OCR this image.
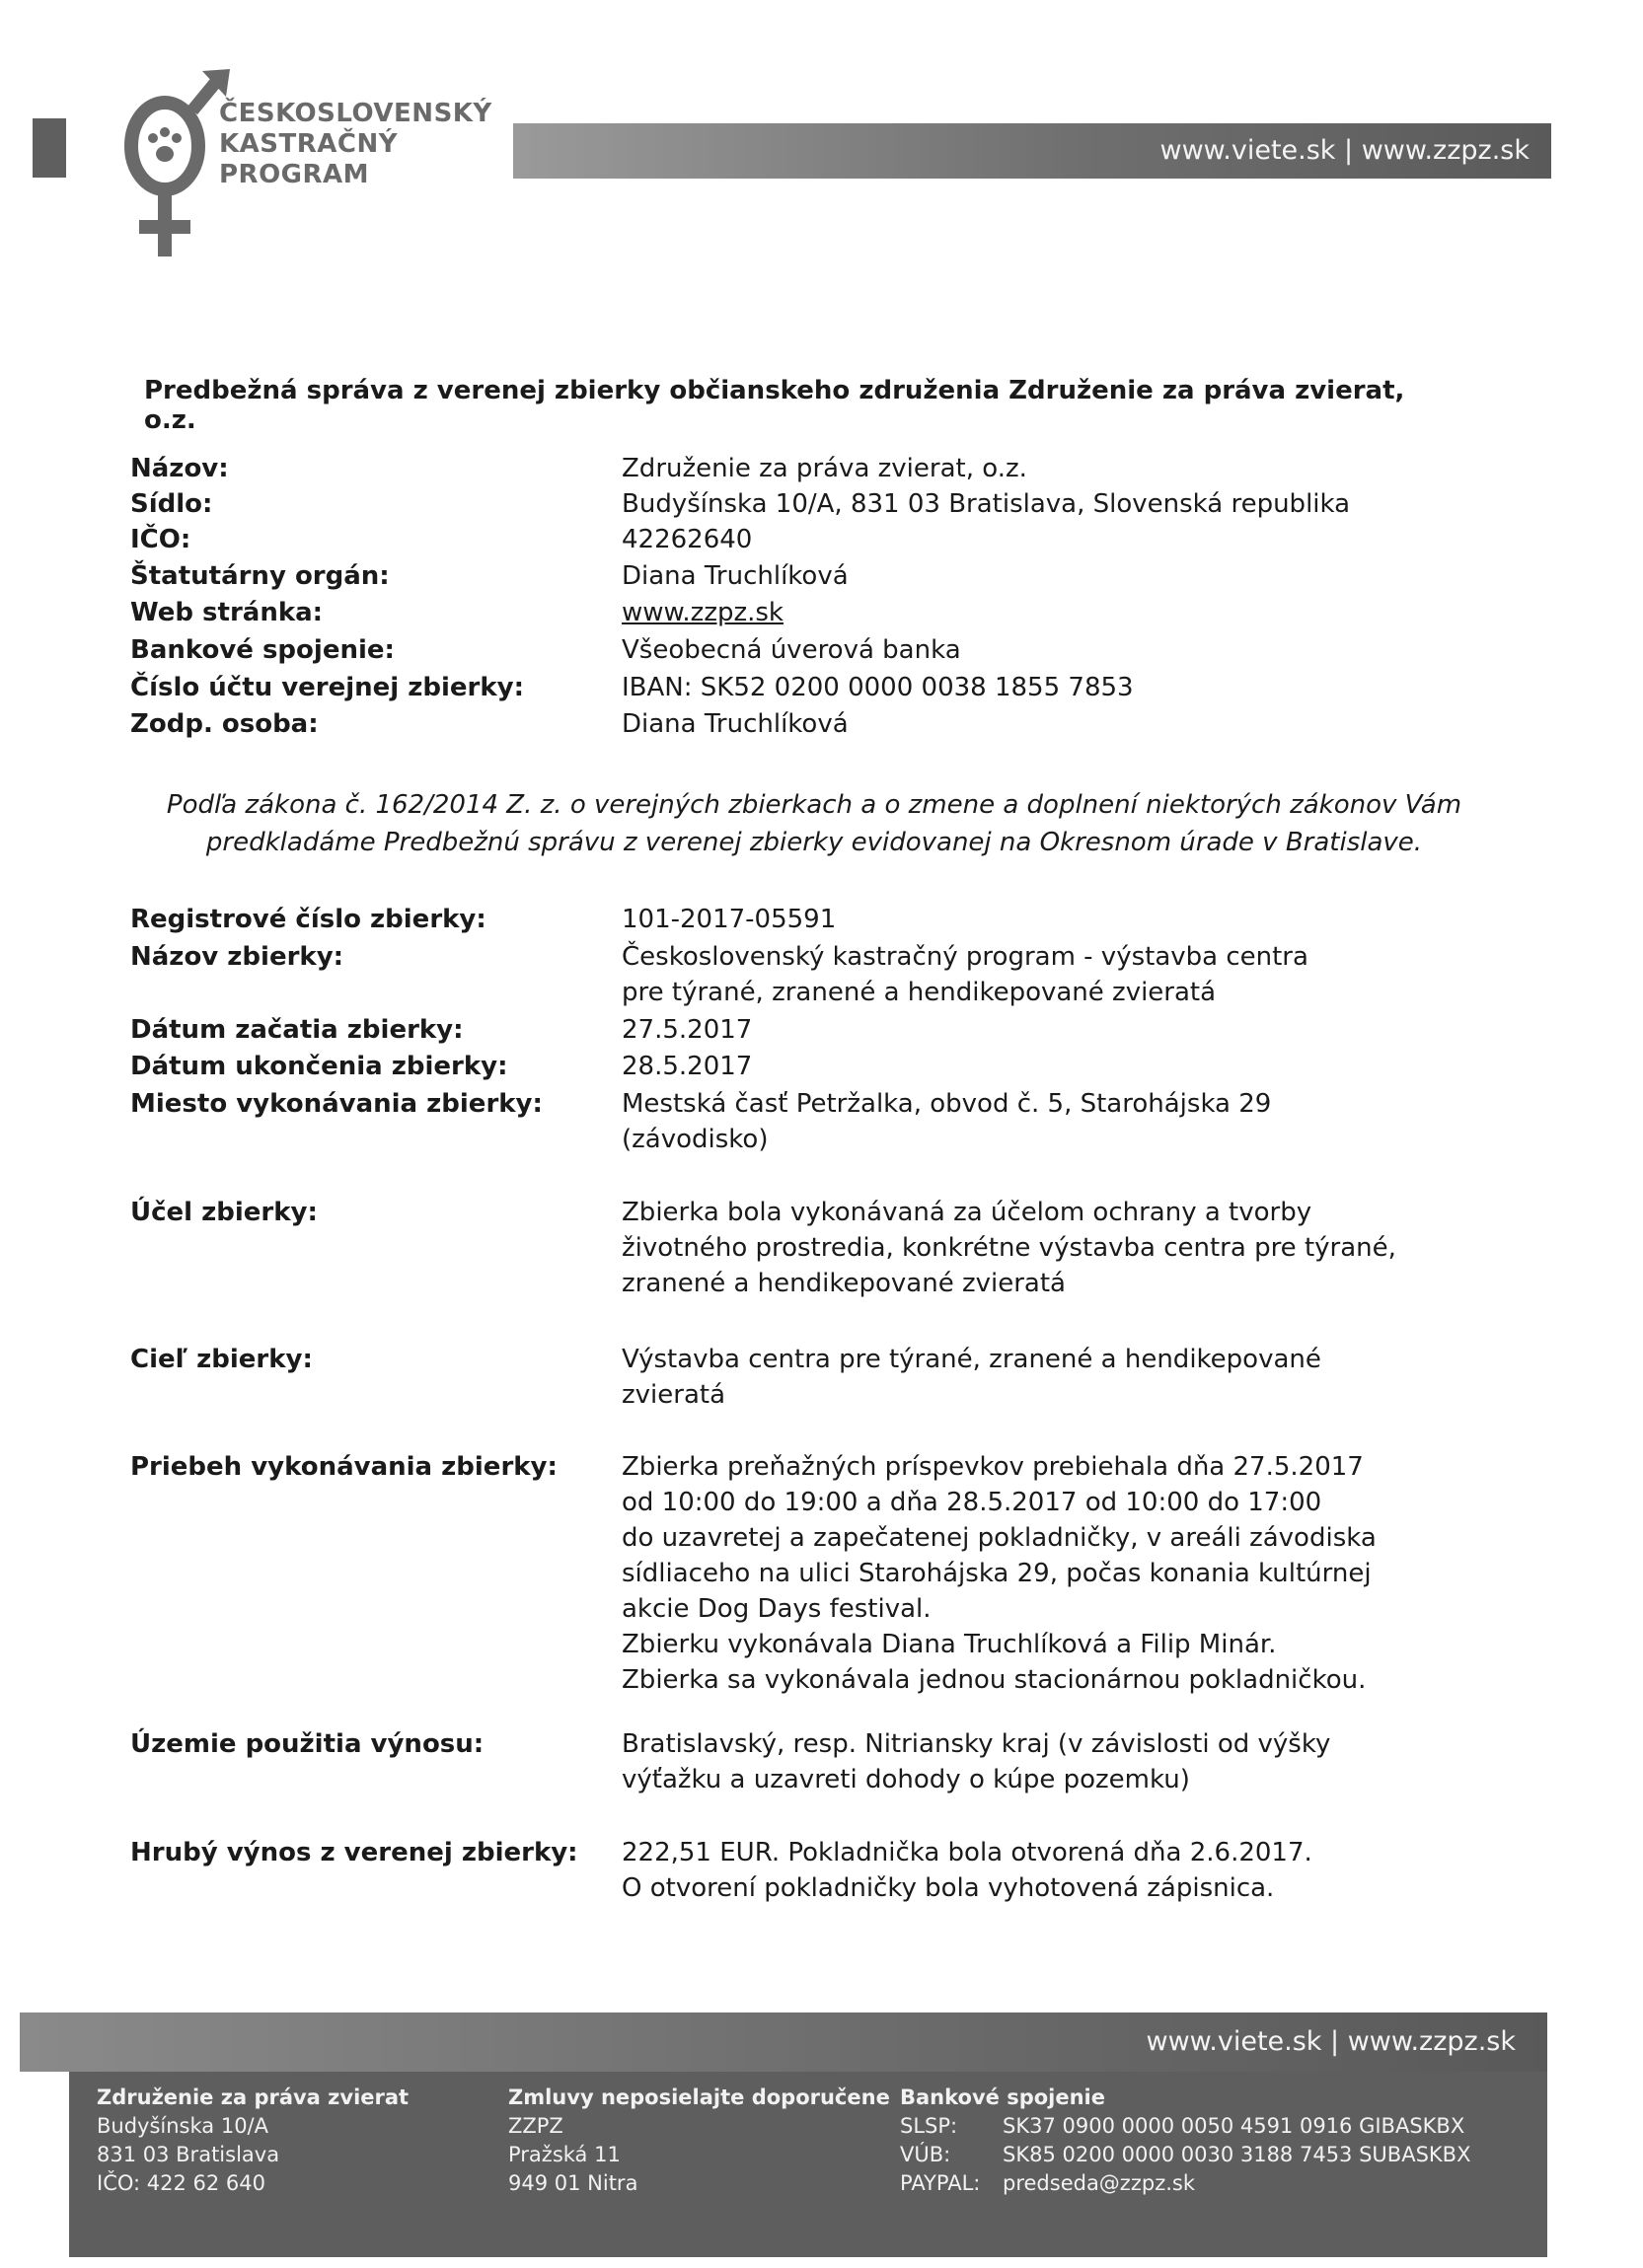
ČESKOSLOVENSKÝ
KASTRAČNÝ
PROGRAM
www.viete.sk | www.zzpz.sk
Predbežná správa z verenej zbierky občianskeho združenia Združenie za práva zvierat, o.z.
Názov:	Združenie za práva zvierat, o.z.
Sídlo:	Budyšínska 10/A, 831 03 Bratislava, Slovenská republika
IČO:	42262640
Štatutárny orgán:	Diana Truchlíková
Web stránka:	www.zzpz.sk
Bankové spojenie:	Všeobecná úverová banka
Číslo účtu verejnej zbierky:	IBAN: SK52 0200 0000 0038 1855 7853
Zodp. osoba:	Diana Truchlíková
Podľa zákona č. 162/2014 Z. z. o verejných zbierkach a o zmene a doplnení niektorých zákonov Vám
predkladáme Predbežnú správu z verenej zbierky evidovanej na Okresnom úrade v Bratislave.
Registrové číslo zbierky:	101-2017-05591
Názov zbierky:	Československý kastračný program - výstavba centra
pre týrané, zranené a hendikepované zvieratá
Dátum začatia zbierky:	27.5.2017
Dátum ukončenia zbierky:	28.5.2017
Miesto vykonávania zbierky:	Mestská časť Petržalka, obvod č. 5, Starohájska 29
(závodisko)
Účel zbierky:	Zbierka bola vykonávaná za účelom ochrany a tvorby
životného prostredia, konkrétne výstavba centra pre týrané,
zranené a hendikepované zvieratá
Cieľ zbierky:	Výstavba centra pre týrané, zranené a hendikepované
zvieratá
Priebeh vykonávania zbierky:	Zbierka preňažných príspevkov prebiehala dňa 27.5.2017
od 10:00 do 19:00 a dňa 28.5.2017 od 10:00 do 17:00
do uzavretej a zapečatenej pokladničky, v areáli závodiska
sídliaceho na ulici Starohájska 29, počas konania kultúrnej
akcie Dog Days festival.
Zbierku vykonávala Diana Truchlíková a Filip Minár.
Zbierka sa vykonávala jednou stacionárnou pokladničkou.
Územie použitia výnosu:	Bratislavský, resp. Nitriansky kraj (v závislosti od výšky
výťažku a uzavreti dohody o kúpe pozemku)
Hrubý výnos z verenej zbierky: 222,51 EUR. Pokladnička bola otvorená dňa 2.6.2017.
O otvorení pokladničky bola vyhotovená zápisnica.
www.viete.sk | www.zzpz.sk
Združenie za práva zvierat
Budyšínska 10/A
831 03 Bratislava
IČO: 422 62 640
Zmluvy neposielajte doporučene
ZZPZ
Pražská 11
949 01 Nitra
Bankové spojenie
SLSP:	SK37 0900 0000 0050 4591 0916 GIBASKBX
VÚB:	SK85 0200 0000 0030 3188 7453 SUBASKBX
PAYPAL:	predseda@zzpz.sk
